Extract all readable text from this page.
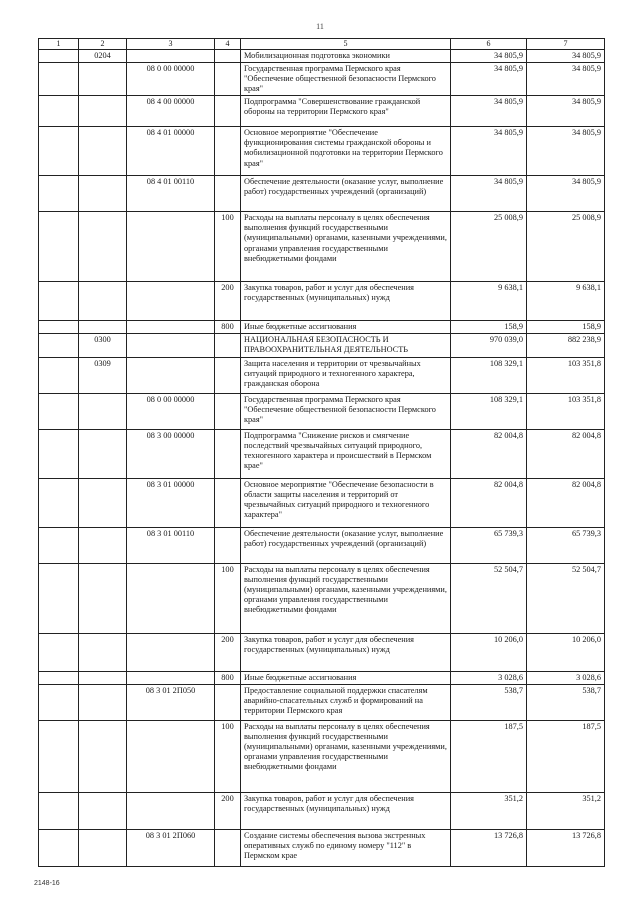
11
1	2	3	4	5	6	7
	0204			Мобилизационная подготовка экономики	34 805,9	34 805,9
		08 0 00 00000		Государственная программа Пермского края "Обеспечение общественной безопасности Пермского края"	34 805,9	34 805,9
		08 4 00 00000		Подпрограмма "Совершенствование гражданской обороны на территории Пермского края"	34 805,9	34 805,9
		08 4 01 00000		Основное мероприятие "Обеспечение функционирования системы гражданской обороны и мобилизационной подготовки на территории Пермского края"	34 805,9	34 805,9
		08 4 01 00110		Обеспечение деятельности (оказание услуг, выполнение работ) государственных учреждений (организаций)	34 805,9	34 805,9
			100	Расходы на выплаты персоналу в целях обеспечения выполнения функций государственными (муниципальными) органами, казенными учреждениями, органами управления государственными внебюджетными фондами	25 008,9	25 008,9
			200	Закупка товаров, работ и услуг для обеспечения государственных (муниципальных) нужд	9 638,1	9 638,1
			800	Иные бюджетные ассигнования	158,9	158,9
	0300			НАЦИОНАЛЬНАЯ БЕЗОПАСНОСТЬ И ПРАВООХРАНИТЕЛЬНАЯ ДЕЯТЕЛЬНОСТЬ	970 039,0	882 238,9
	0309			Защита населения и территории от чрезвычайных ситуаций природного и техногенного характера, гражданская оборона	108 329,1	103 351,8
		08 0 00 00000		Государственная программа Пермского края "Обеспечение общественной безопасности Пермского края"	108 329,1	103 351,8
		08 3 00 00000		Подпрограмма "Снижение рисков и смягчение последствий чрезвычайных ситуаций природного, техногенного характера и происшествий в Пермском крае"	82 004,8	82 004,8
		08 3 01 00000		Основное мероприятие "Обеспечение безопасности в области защиты населения и территорий от чрезвычайных ситуаций природного и техногенного характера"	82 004,8	82 004,8
		08 3 01 00110		Обеспечение деятельности (оказание услуг, выполнение работ) государственных учреждений (организаций)	65 739,3	65 739,3
			100	Расходы на выплаты персоналу в целях обеспечения выполнения функций государственными (муниципальными) органами, казенными учреждениями, органами управления государственными внебюджетными фондами	52 504,7	52 504,7
			200	Закупка товаров, работ и услуг для обеспечения государственных (муниципальных) нужд	10 206,0	10 206,0
			800	Иные бюджетные ассигнования	3 028,6	3 028,6
		08 3 01 2П050		Предоставление социальной поддержки спасателям аварийно-спасательных служб и формирований на территории Пермского края	538,7	538,7
			100	Расходы на выплаты персоналу в целях обеспечения выполнения функций государственными (муниципальными) органами, казенными учреждениями, органами управления государственными внебюджетными фондами	187,5	187,5
			200	Закупка товаров, работ и услуг для обеспечения государственных (муниципальных) нужд	351,2	351,2
		08 3 01 2П060		Создание системы обеспечения вызова экстренных оперативных служб по единому номеру "112" в Пермском крае	13 726,8	13 726,8
2148-16
